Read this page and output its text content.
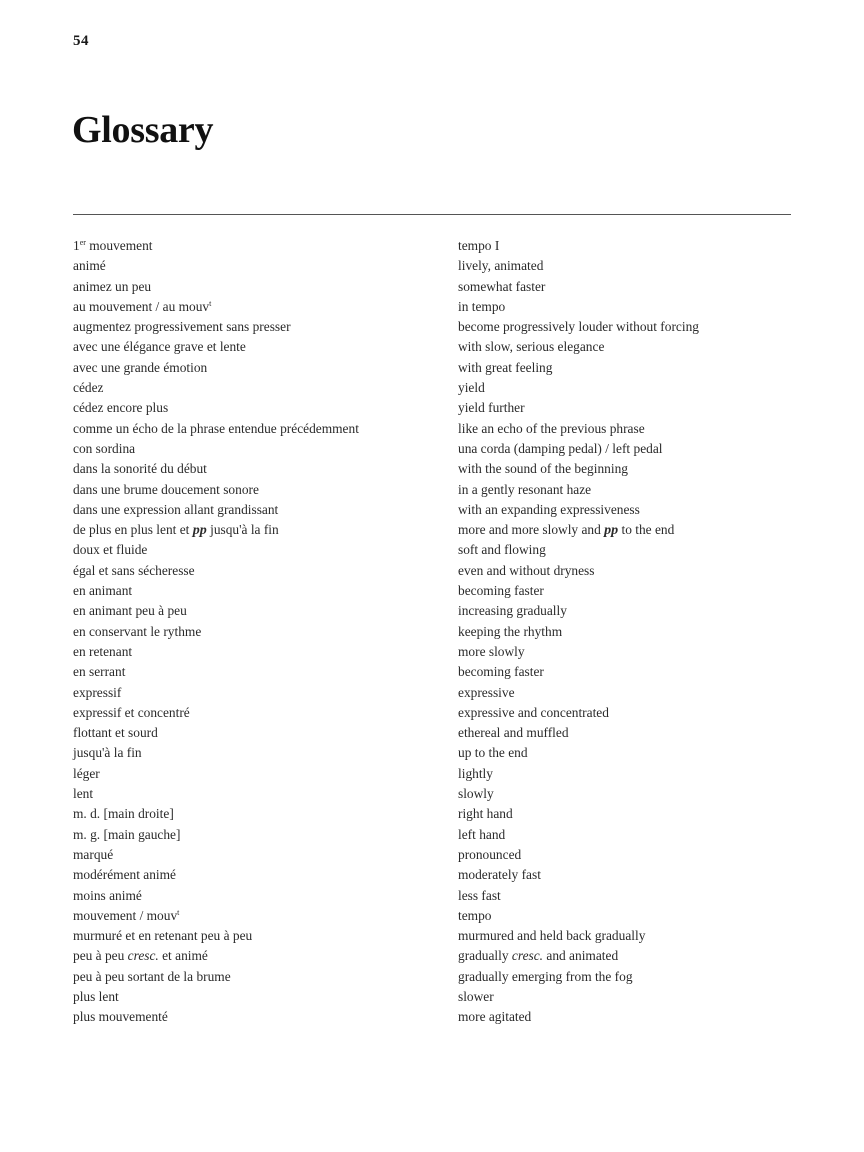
54
Glossary
1er mouvement	tempo I
animé	lively, animated
animez un peu	somewhat faster
au mouvement / au mouv$^t$	in tempo
augmentez progressivement sans presser	become progressively louder without forcing
avec une élégance grave et lente	with slow, serious elegance
avec une grande émotion	with great feeling
cédez	yield
cédez encore plus	yield further
comme un écho de la phrase entendue précédemment	like an echo of the previous phrase
con sordina	una corda (damping pedal) / left pedal
dans la sonorité du début	with the sound of the beginning
dans une brume doucement sonore	in a gently resonant haze
dans une expression allant grandissant	with an expanding expressiveness
de plus en plus lent et pp jusqu'à la fin	more and more slowly and pp to the end
doux et fluide	soft and flowing
égal et sans sécheresse	even and without dryness
en animant	becoming faster
en animant peu à peu	increasing gradually
en conservant le rythme	keeping the rhythm
en retenant	more slowly
en serrant	becoming faster
expressif	expressive
expressif et concentré	expressive and concentrated
flottant et sourd	ethereal and muffled
jusqu'à la fin	up to the end
léger	lightly
lent	slowly
m. d. [main droite]	right hand
m. g. [main gauche]	left hand
marqué	pronounced
modérément animé	moderately fast
moins animé	less fast
mouvement / mouv$^t$	tempo
murmuré et en retenant peu à peu	murmured and held back gradually
peu à peu cresc. et animé	gradually cresc. and animated
peu à peu sortant de la brume	gradually emerging from the fog
plus lent	slower
plus mouvementé	more agitated
